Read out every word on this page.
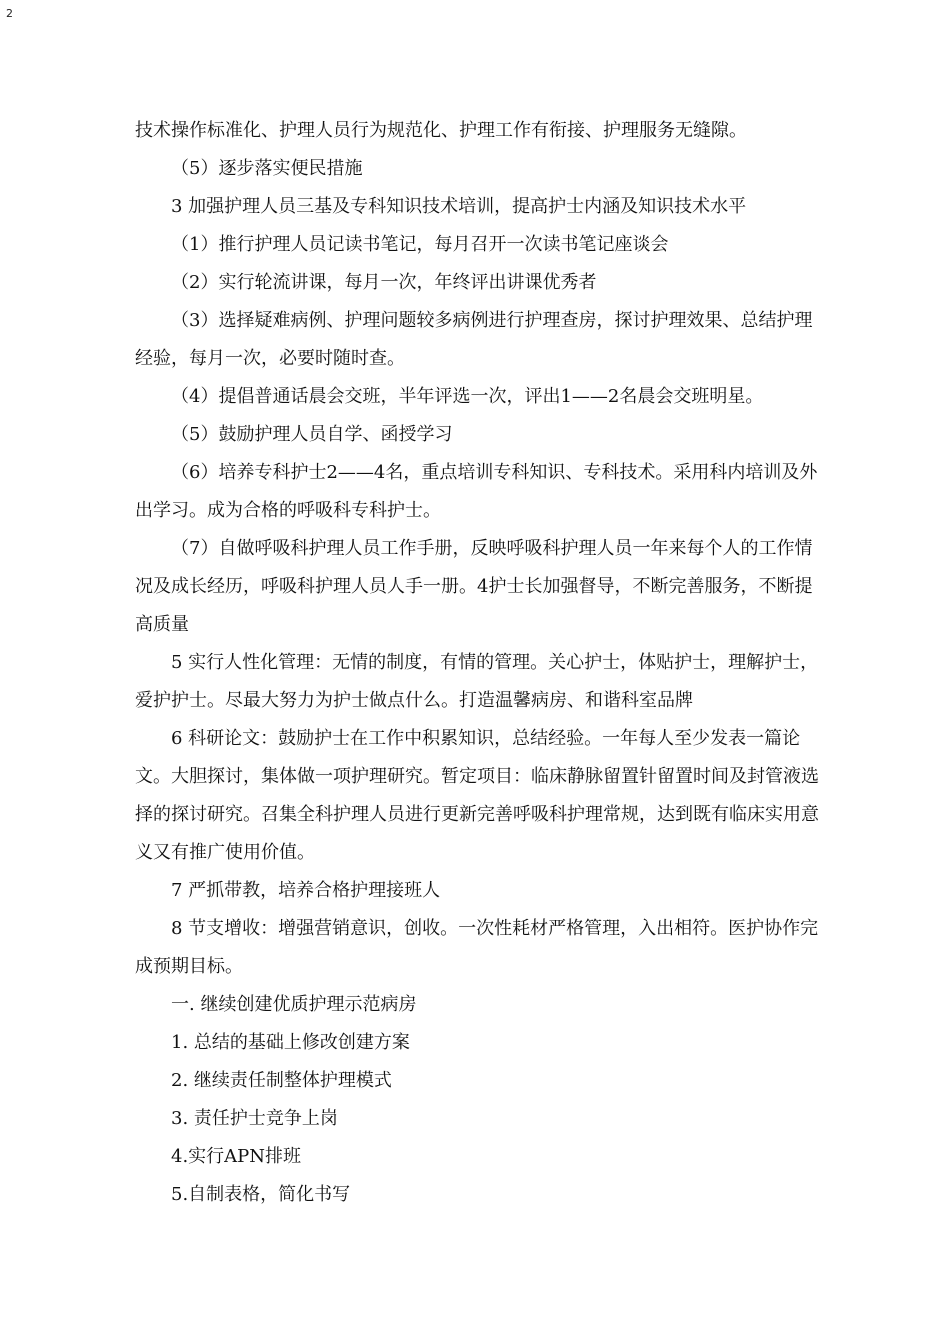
2

技术操作标准化、护理人员行为规范化、护理工作有衔接、护理服务无缝隙。

（5）逐步落实便民措施

3 加强护理人员三基及专科知识技术培训，提高护士内涵及知识技术水平

（1）推行护理人员记读书笔记，每月召开一次读书笔记座谈会

（2）实行轮流讲课，每月一次，年终评出讲课优秀者

（3）选择疑难病例、护理问题较多病例进行护理查房，探讨护理效果、总结护理经验，每月一次，必要时随时查。

（4）提倡普通话晨会交班，半年评选一次，评出1——2名晨会交班明星。

（5）鼓励护理人员自学、函授学习

（6）培养专科护士2——4名，重点培训专科知识、专科技术。采用科内培训及外出学习。成为合格的呼吸科专科护士。

（7）自做呼吸科护理人员工作手册，反映呼吸科护理人员一年来每个人的工作情况及成长经历，呼吸科护理人员人手一册。4护士长加强督导，不断完善服务，不断提高质量

5 实行人性化管理：无情的制度，有情的管理。关心护士，体贴护士，理解护士，爱护护士。尽最大努力为护士做点什么。打造温馨病房、和谐科室品牌

6 科研论文：鼓励护士在工作中积累知识，总结经验。一年每人至少发表一篇论文。大胆探讨，集体做一项护理研究。暂定项目：临床静脉留置针留置时间及封管液选择的探讨研究。召集全科护理人员进行更新完善呼吸科护理常规，达到既有临床实用意义又有推广使用价值。

7 严抓带教，培养合格护理接班人

8 节支增收：增强营销意识，创收。一次性耗材严格管理，入出相符。医护协作完成预期目标。

一. 继续创建优质护理示范病房

1. 总结的基础上修改创建方案

2. 继续责任制整体护理模式

3. 责任护士竞争上岗

4.实行APN排班

5.自制表格，简化书写
